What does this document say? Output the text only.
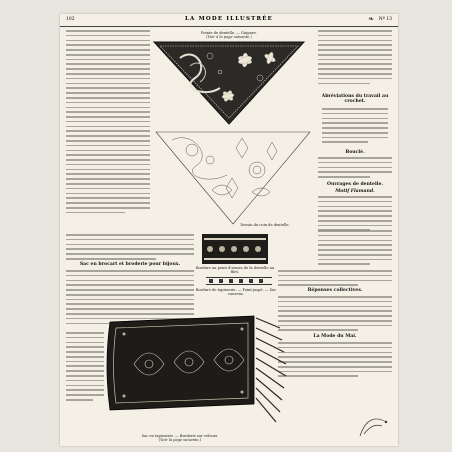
102	LA MODE ILLUSTRÉE	❧ Nº 13
Sac en brocart et broderie pour bijoux.
Pointe de dentelle. — Guipure.
(Voir à la page suivante.)
Abréviations du travail au crochet.
Bouclé.
Ouvrages de dentelle.
Motif Flamand.
Dessin du coin de dentelle.
Bordure au point d'armes de la dentelle au filet.
Réponses collectives.
La Mode du Mai.
Bordure de tapisserie. — Point-jaspé. — Sur canevas.
Sac en tapisserie. — Broderie sur velours.
(Voir la page suivante.)
